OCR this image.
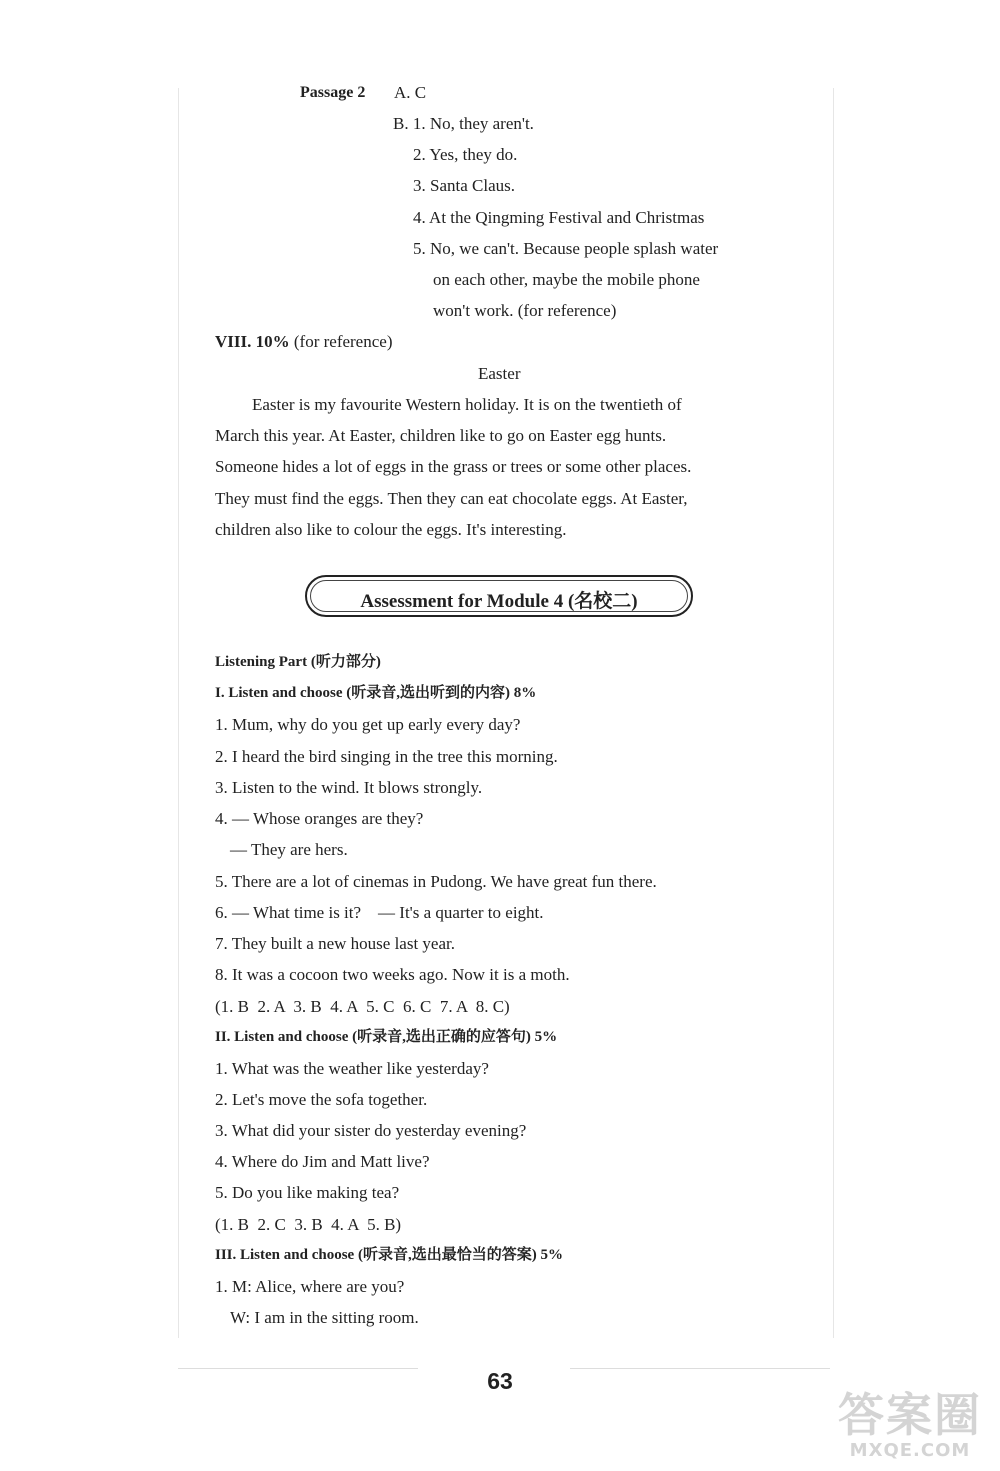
Passage 2 A. C
B. 1. No, they aren't.
2. Yes, they do.
3. Santa Claus.
4. At the Qingming Festival and Christmas
5. No, we can't. Because people splash water
on each other, maybe the mobile phone
won't work. (for reference)
VIII. 10% (for reference)
Easter
Easter is my favourite Western holiday. It is on the twentieth of
March this year. At Easter, children like to go on Easter egg hunts.
Someone hides a lot of eggs in the grass or trees or some other places.
They must find the eggs. Then they can eat chocolate eggs. At Easter,
children also like to colour the eggs. It's interesting.
Assessment for Module 4 (名校二)
Listening Part (听力部分)
I. Listen and choose (听录音,选出听到的内容) 8%
1. Mum, why do you get up early every day?
2. I heard the bird singing in the tree this morning.
3. Listen to the wind. It blows strongly.
4. — Whose oranges are they?
— They are hers.
5. There are a lot of cinemas in Pudong. We have great fun there.
6. — What time is it?    — It's a quarter to eight.
7. They built a new house last year.
8. It was a cocoon two weeks ago. Now it is a moth.
(1. B  2. A  3. B  4. A  5. C  6. C  7. A  8. C)
II. Listen and choose (听录音,选出正确的应答句) 5%
1. What was the weather like yesterday?
2. Let's move the sofa together.
3. What did your sister do yesterday evening?
4. Where do Jim and Matt live?
5. Do you like making tea?
(1. B  2. C  3. B  4. A  5. B)
III. Listen and choose (听录音,选出最恰当的答案) 5%
1. M: Alice, where are you?
W: I am in the sitting room.
63
答案圈
MXQE.COM
